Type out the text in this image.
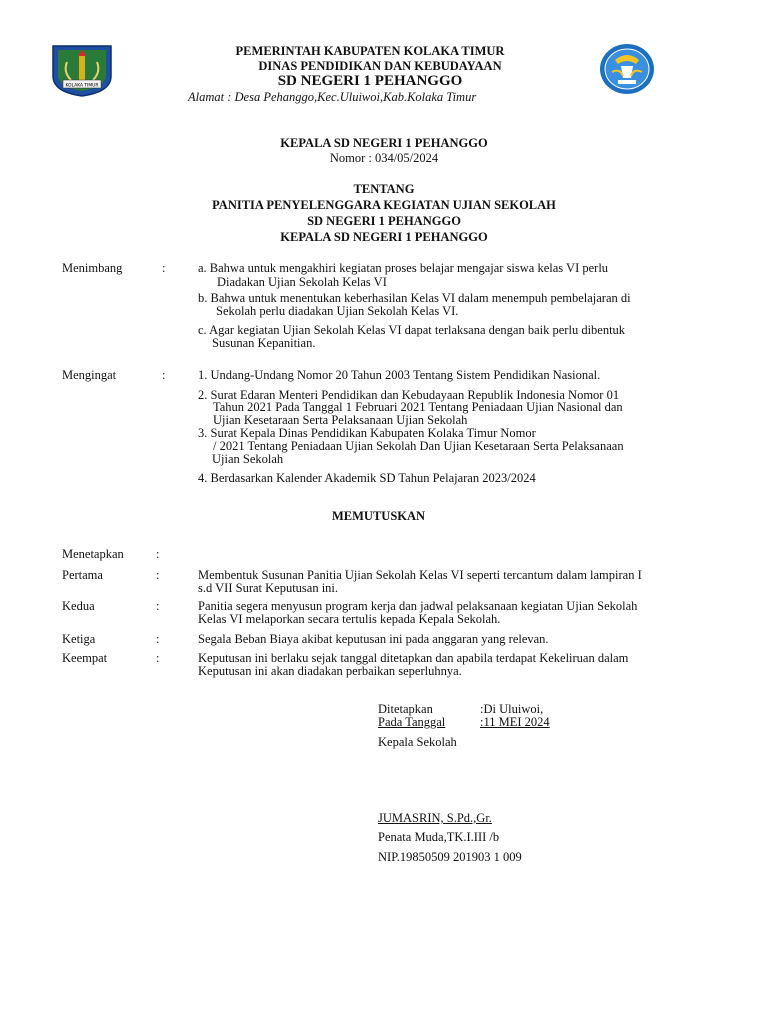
KOLAKA TIMUR
PEMERINTAH KABUPATEN KOLAKA TIMUR
DINAS PENDIDIKAN DAN KEBUDAYAAN
SD NEGERI 1 PEHANGGO
Alamat : Desa Pehanggo,Kec.Uluiwoi,Kab.Kolaka Timur
KEPALA SD NEGERI 1 PEHANGGO
Nomor : 034/05/2024
TENTANG
PANITIA PENYELENGGARA KEGIATAN UJIAN SEKOLAH
SD NEGERI 1 PEHANGGO
KEPALA SD NEGERI 1 PEHANGGO
Menimbang	:	a. Bahwa untuk mengakhiri kegiatan proses belajar mengajar siswa kelas VI perlu
Diadakan Ujian Sekolah Kelas VI
b. Bahwa untuk menentukan keberhasilan Kelas VI dalam menempuh pembelajaran di
Sekolah perlu diadakan Ujian Sekolah Kelas VI.
c. Agar kegiatan Ujian Sekolah Kelas VI dapat terlaksana dengan baik perlu dibentuk
Susunan Kepanitian.
Mengingat	:	1. Undang-Undang Nomor 20 Tahun 2003 Tentang Sistem Pendidikan Nasional.
2. Surat Edaran Menteri Pendidikan dan Kebudayaan Republik Indonesia Nomor 01
Tahun 2021 Pada Tanggal 1 Februari 2021 Tentang Peniadaan Ujian Nasional dan
Ujian Kesetaraan Serta Pelaksanaan Ujian Sekolah
3. Surat Kepala Dinas Pendidikan Kabupaten Kolaka Timur Nomor
/ 2021 Tentang Peniadaan Ujian Sekolah Dan Ujian Kesetaraan Serta Pelaksanaan
Ujian Sekolah
4. Berdasarkan Kalender Akademik SD Tahun Pelajaran 2023/2024
MEMUTUSKAN
Menetapkan	:
Pertama	:	Membentuk Susunan Panitia Ujian Sekolah Kelas VI seperti tercantum dalam lampiran I
s.d VII Surat Keputusan ini.
Kedua	:	Panitia segera menyusun program kerja dan jadwal pelaksanaan kegiatan Ujian Sekolah
Kelas VI melaporkan secara tertulis kepada Kepala Sekolah.
Ketiga	:	Segala Beban Biaya akibat keputusan ini pada anggaran yang relevan.
Keempat	:	Keputusan ini berlaku sejak tanggal ditetapkan dan apabila terdapat Kekeliruan dalam
Keputusan ini akan diadakan perbaikan seperluhnya.
Ditetapkan	:Di Uluiwoi,
Pada Tanggal	:11 MEI 2024
Kepala Sekolah
JUMASRIN, S.Pd.,Gr.
Penata Muda,TK.I.III /b
NIP.19850509 201903 1 009
